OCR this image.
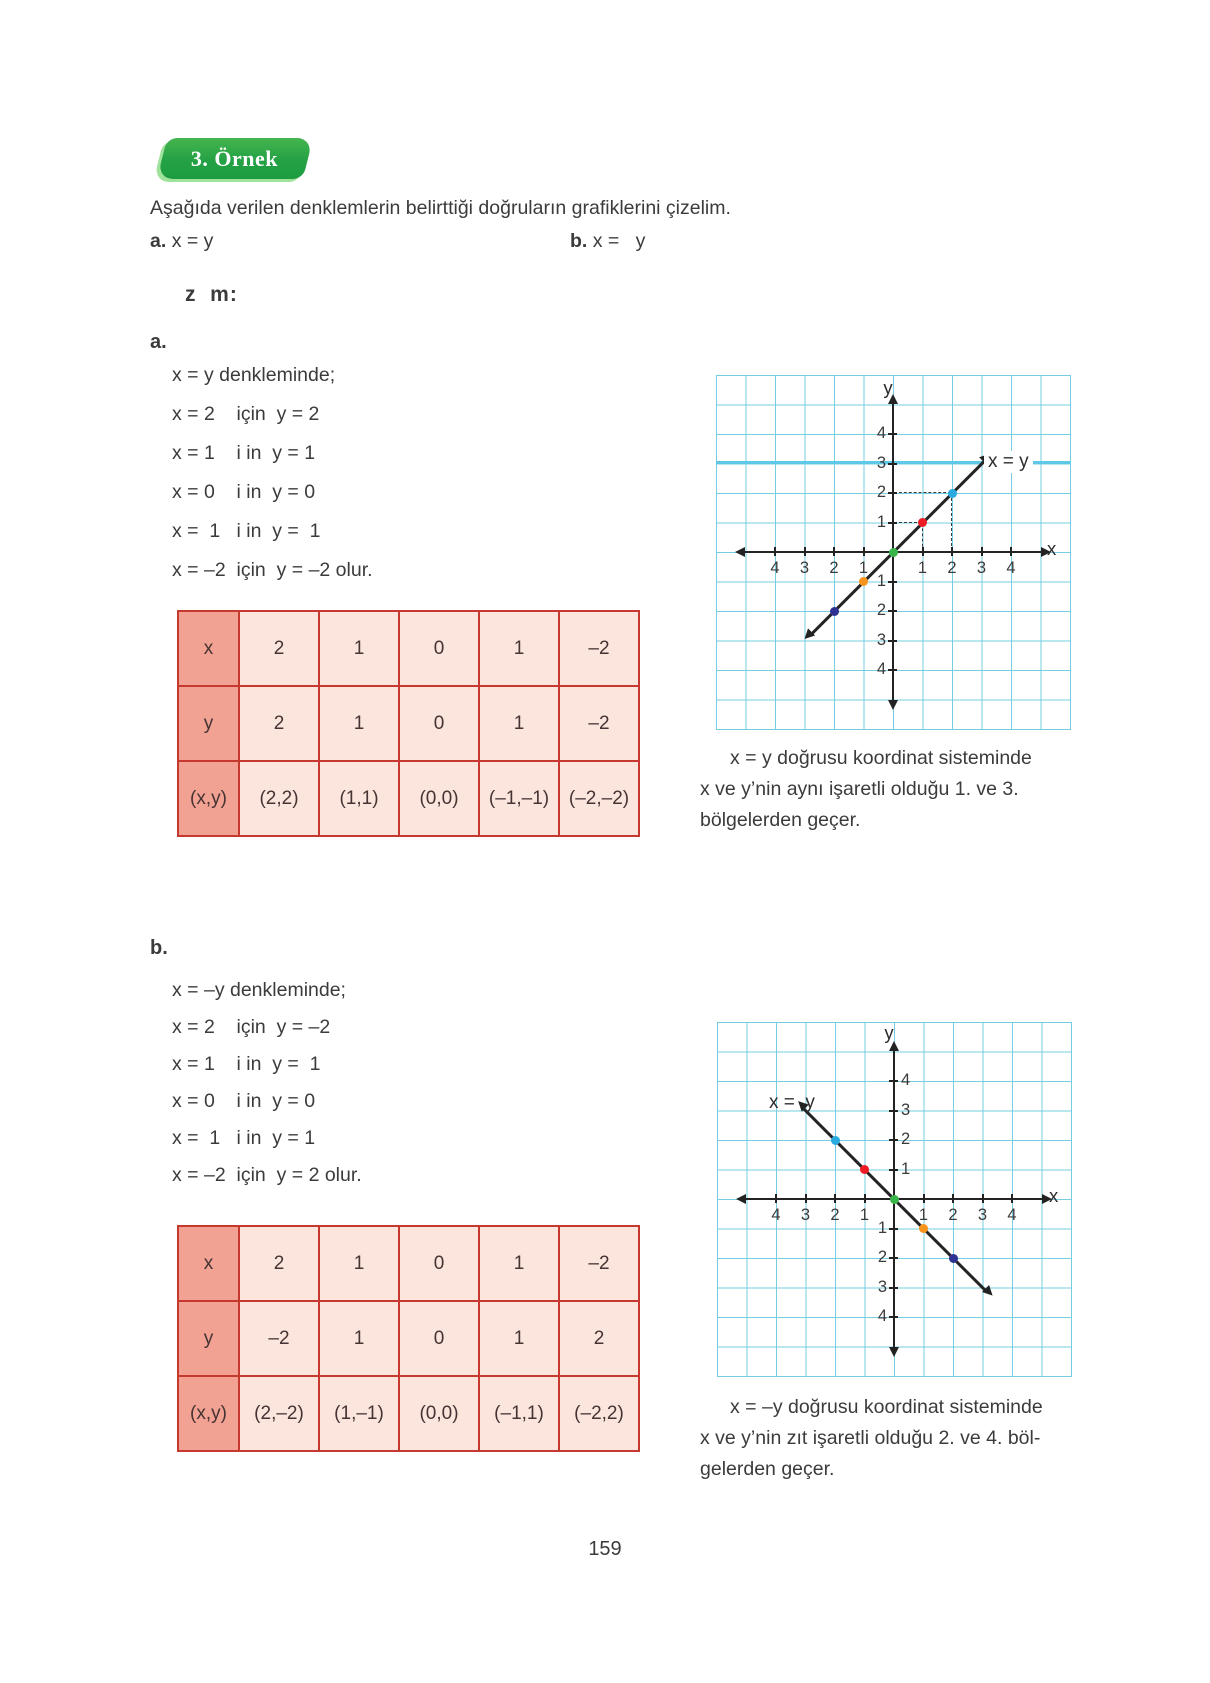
3. Örnek
Aşağıda verilen denklemlerin belirttiği doğruların grafiklerini çizelim.
a. x = y	b. x =   y
z  m:
a.
x = y denkleminde;
x = 2    için  y = 2
x = 1    i in  y = 1
x = 0    i in  y = 0
x =  1   i in  y =  1
x = –2  için  y = –2 olur.
x	2	1	0	1	–2
y	2	1	0	1	–2
(x,y)	(2,2)	(1,1)	(0,0)	(–1,–1)	(–2,–2)
y
x
x = y
1	1
1
1
2	2
2
2
3	3
3
3
4	4
4
4
x = y doğrusu koordinat sisteminde
x ve y’nin aynı işaretli olduğu 1. ve 3.
bölgelerden geçer.
b.
x = –y denkleminde;
x = 2    için  y = –2
x = 1    i in  y =  1
x = 0    i in  y = 0
x =  1   i in  y = 1
x = –2  için  y = 2 olur.
x	2	1	0	1	–2
y	–2	1	0	1	2
(x,y)	(2,–2)	(1,–1)	(0,0)	(–1,1)	(–2,2)
y
x
x =  y
1	1
1
1
2	2
2
2
3	3
3
3
4	4
4
4
x = –y doğrusu koordinat sisteminde
x ve y’nin zıt işaretli olduğu 2. ve 4. böl-
gelerden geçer.
159
